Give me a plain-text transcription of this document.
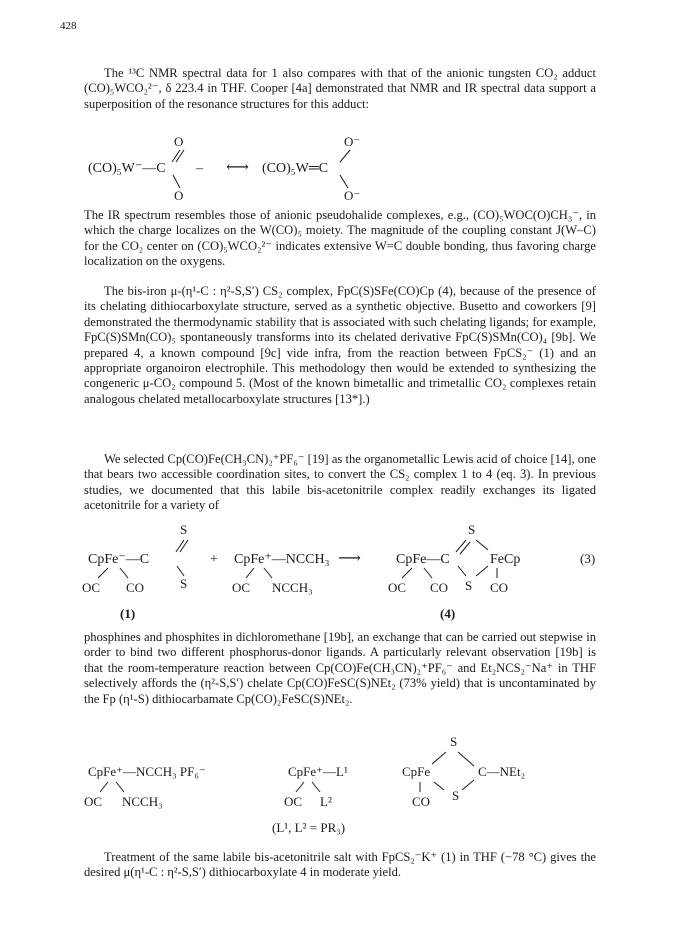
428

The ¹³C NMR spectral data for 1 also compares with that of the anionic tungsten CO₂ adduct (CO)₅WCO₂²⁻, δ 223.4 in THF. Cooper [4a] demonstrated that NMR and IR spectral data support a superposition of the resonance structures for this adduct:

(CO)₅W⁻—C
O
O
– ⟷ (CO)₅W═C
O⁻
O⁻

The IR spectrum resembles those of anionic pseudohalide complexes, e.g., (CO)₅WOC(O)CH₃⁻, in which the charge localizes on the W(CO)₅ moiety. The magnitude of the coupling constant J(W–C) for the CO₂ center on (CO)₅WCO₂²⁻ indicates extensive W=C double bonding, thus favoring charge localization on the oxygens.

The bis-iron μ-(η¹-C : η²-S,S′) CS₂ complex, FpC(S)SFe(CO)Cp (4), because of the presence of its chelating dithiocarboxylate structure, served as a synthetic objective. Busetto and coworkers [9] demonstrated the thermodynamic stability that is associated with such chelating ligands; for example, FpC(S)SMn(CO)₅ spontaneously transforms into its chelated derivative FpC(S)SMn(CO)₄ [9b]. We prepared 4, a known compound [9c] vide infra, from the reaction between FpCS₂⁻ (1) and an appropriate organoiron electrophile. This methodology then would be extended to synthesizing the congeneric μ-CO₂ compound 5. (Most of the known bimetallic and trimetallic CO₂ complexes retain analogous chelated metallocarboxylate structures [13*].)

We selected Cp(CO)Fe(CH₃CN)₂⁺PF₆⁻ [19] as the organometallic Lewis acid of choice [14], one that bears two accessible coordination sites, to convert the CS₂ complex 1 to 4 (eq. 3). In previous studies, we documented that this labile bis-acetonitrile complex readily exchanges its ligated acetonitrile for a variety of

S
CpFe⁻—C
S
OC CO
+ CpFe⁺—NCCH₃
OC NCCH₃
⟶
S
CpFe—C	FeCp
S
OC CO	CO
(3)
(1)	(4)

phosphines and phosphites in dichloromethane [19b], an exchange that can be carried out stepwise in order to bind two different phosphorus-donor ligands. A particularly relevant observation [19b] is that the room-temperature reaction between Cp(CO)Fe(CH₃CN)₂⁺PF₆⁻ and Et₂NCS₂⁻Na⁺ in THF selectively affords the (η²-S,S′) chelate Cp(CO)FeSC(S)NEt₂ (73% yield) that is uncontaminated by the Fp (η¹-S) dithiocarbamate Cp(CO)₂FeSC(S)NEt₂.

CpFe⁺—NCCH₃ PF₆⁻
OC NCCH₃
CpFe⁺—L¹
OC L²
S
CpFe	C—NEt₂
S
CO
(L¹, L² = PR₃)

Treatment of the same labile bis-acetonitrile salt with FpCS₂⁻K⁺ (1) in THF (−78 °C) gives the desired μ(η¹-C : η²-S,S′) dithiocarboxylate 4 in moderate yield.
